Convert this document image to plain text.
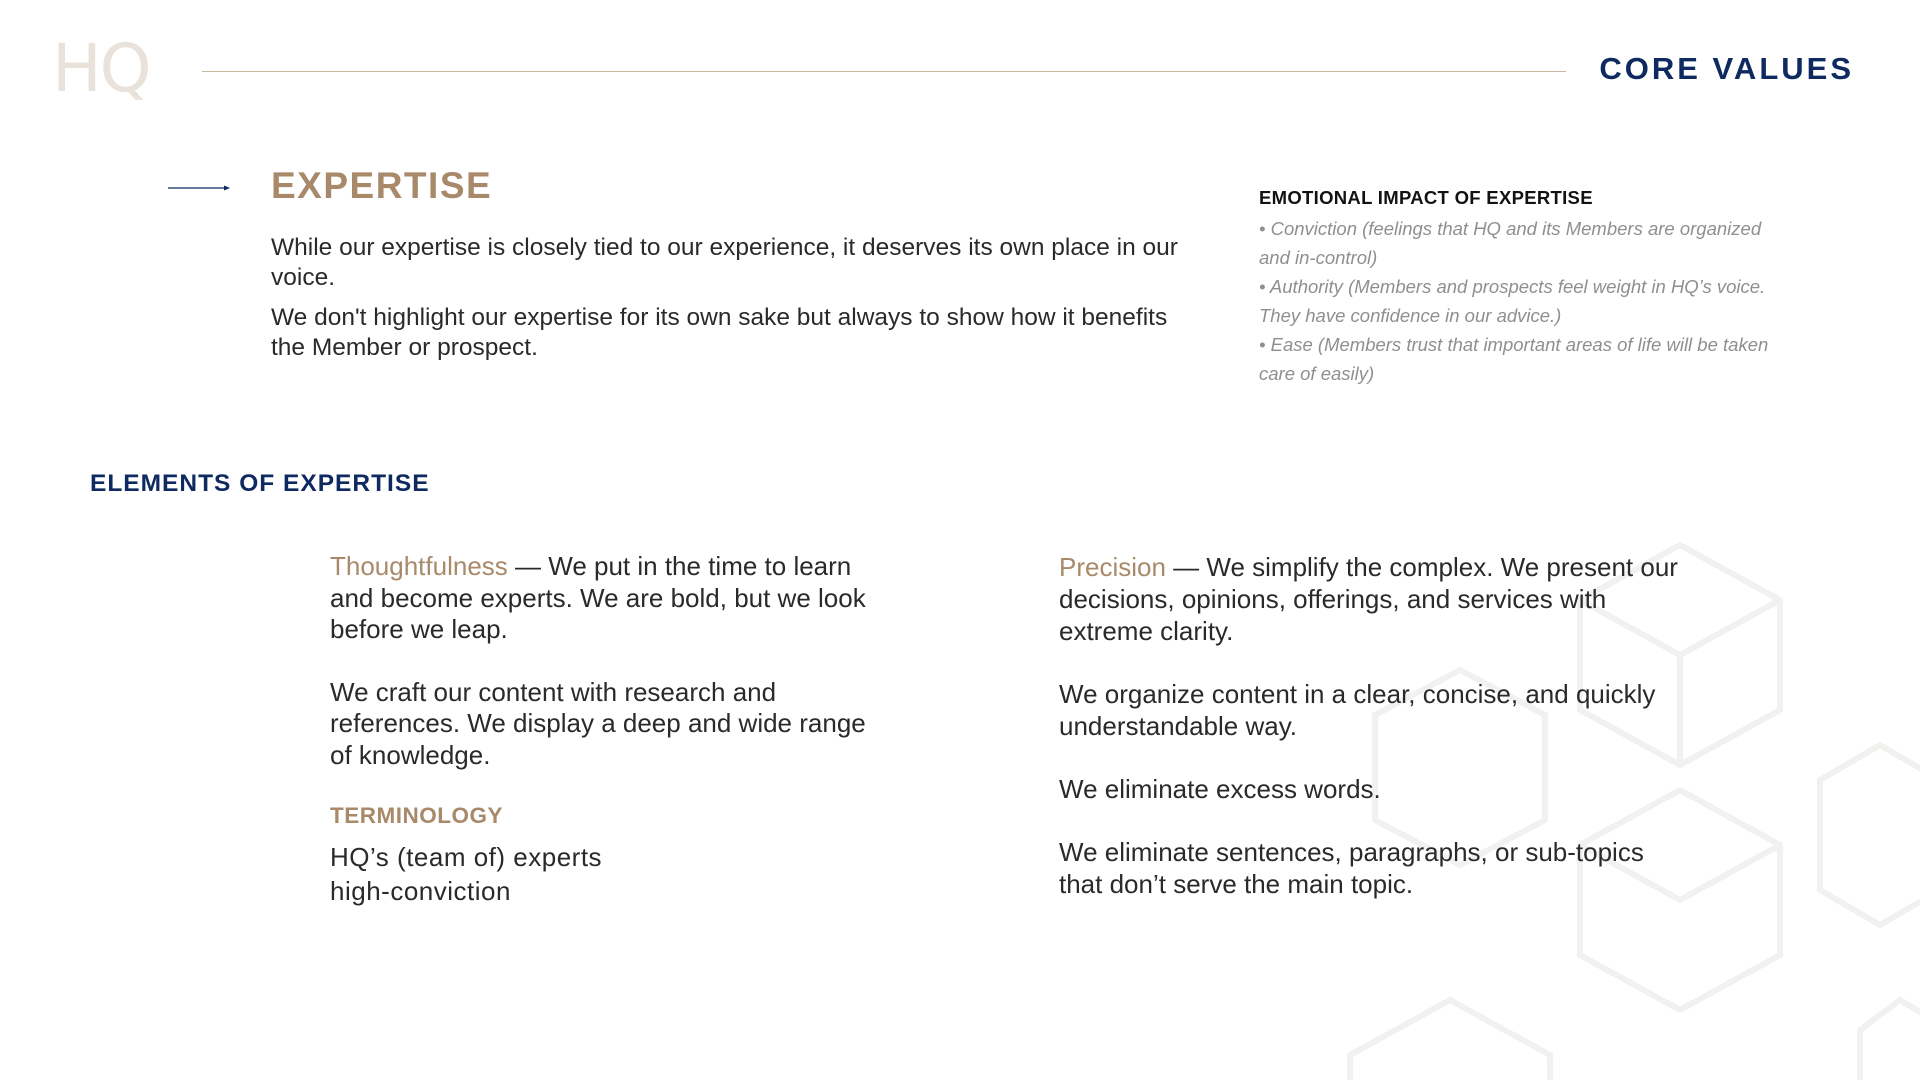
HQ	CORE VALUES
EXPERTISE

While our expertise is closely tied to our experience, it deserves its own place in our voice.

We don't highlight our expertise for its own sake but always to show how it benefits the Member or prospect.

EMOTIONAL IMPACT OF EXPERTISE

• Conviction (feelings that HQ and its Members are organized and in-control)

• Authority (Members and prospects feel weight in HQ’s voice. They have confidence in our advice.)

• Ease (Members trust that important areas of life will be taken care of easily)

ELEMENTS OF EXPERTISE

Thoughtfulness — We put in the time to learn and become experts. We are bold, but we look before we leap.

We craft our content with research and references. We display a deep and wide range of knowledge.

TERMINOLOGY

HQ’s (team of) experts

high-conviction

Precision — We simplify the complex. We present our decisions, opinions, offerings, and services with extreme clarity.

We organize content in a clear, concise, and quickly understandable way.

We eliminate excess words.

We eliminate sentences, paragraphs, or sub-topics that don’t serve the main topic.
